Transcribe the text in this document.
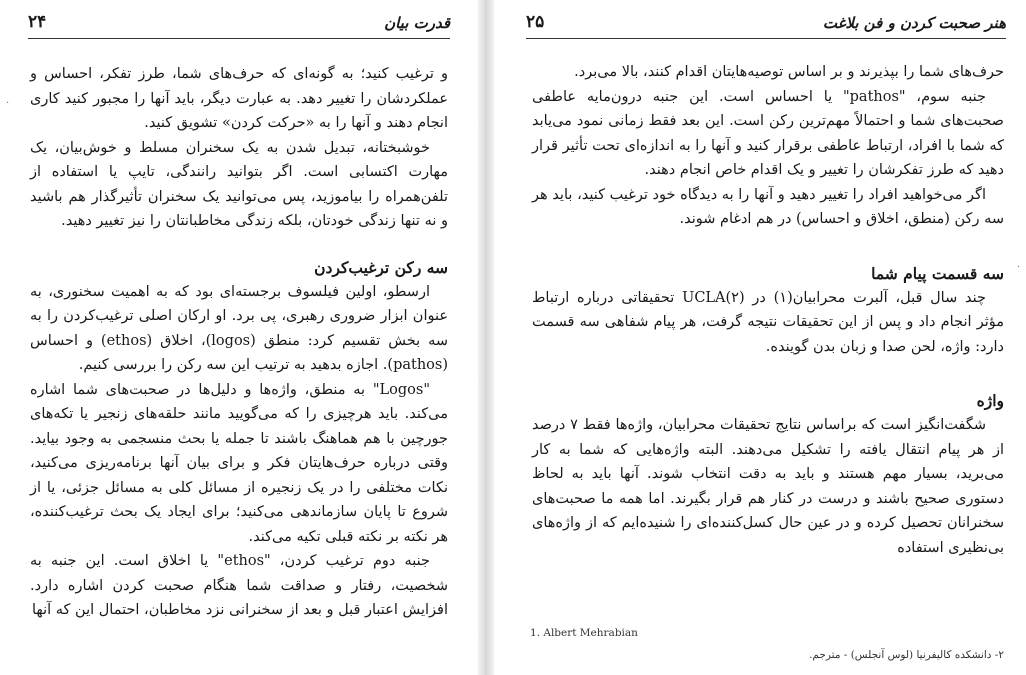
قدرت بیان
۲۴

و ترغیب کنید؛ به گونه‌ای که حرف‌های شما، طرز تفکر، احساس و عملکردشان را تغییر دهد. به عبارت دیگر، باید آنها را مجبور کنید کاری انجام دهند و آنها را به «حرکت کردن» تشویق کنید.

خوشبختانه، تبدیل شدن به یک سخنران مسلط و خوش‌بیان، یک مهارت اکتسابی است. اگر بتوانید رانندگی، تایپ یا استفاده از تلفن‌همراه را بیاموزید، پس می‌توانید یک سخنران تأثیرگذار هم باشید و نه تنها زندگی خودتان، بلکه زندگی مخاطبانتان را نیز تغییر دهید.

سه رکن ترغیب‌کردن

ارسطو، اولین فیلسوف برجسته‌ای بود که به اهمیت سخنوری، به عنوان ابزار ضروری رهبری، پی برد. او ارکان اصلی ترغیب‌کردن را به سه بخش تقسیم کرد: منطق (logos)، اخلاق (ethos) و احساس (pathos). اجازه بدهید به ترتیب این سه رکن را بررسی کنیم.

"Logos" به منطق، واژه‌ها و دلیل‌ها در صحبت‌های شما اشاره می‌کند. باید هرچیزی را که می‌گویید مانند حلقه‌های زنجیر یا تکه‌های جورچین با هم هماهنگ باشند تا جمله یا بحث منسجمی به وجود بیاید. وقتی درباره حرف‌هایتان فکر و برای بیان آنها برنامه‌ریزی می‌کنید، نکات مختلفی را در یک زنجیره از مسائل کلی به مسائل جزئی، یا از شروع تا پایان سازماندهی می‌کنید؛ برای ایجاد یک بحث ترغیب‌کننده، هر نکته بر نکته قبلی تکیه می‌کند.

جنبه دوم ترغیب کردن، "ethos" یا اخلاق است. این جنبه به شخصیت، رفتار و صداقت شما هنگام صحبت کردن اشاره دارد. افزایش اعتبار قبل و بعد از سخنرانی نزد مخاطبان، احتمال این که آنها

·
هنر صحبت کردن و فن بلاغت
۲۵

حرف‌های شما را بپذیرند و بر اساس توصیه‌هایتان اقدام کنند، بالا می‌برد.

جنبه سوم، "pathos" یا احساس است. این جنبه درون‌مایه عاطفی صحبت‌های شما و احتمالاً مهم‌ترین رکن است. این بعد فقط زمانی نمود می‌یابد که شما با افراد، ارتباط عاطفی برقرار کنید و آنها را به اندازه‌ای تحت تأثیر قرار دهید که طرز تفکرشان را تغییر و یک اقدام خاص انجام دهند.

اگر می‌خواهید افراد را تغییر دهید و آنها را به دیدگاه خود ترغیب کنید، باید هر سه رکن (منطق، اخلاق و احساس) در هم ادغام شوند.

سه قسمت پیام شما

چند سال قبل، آلبرت محرابیان(۱) در UCLA(۲) تحقیقاتی درباره ارتباط مؤثر انجام داد و پس از این تحقیقات نتیجه گرفت، هر پیام شفاهی سه قسمت دارد: واژه، لحن صدا و زبان بدن گوینده.

واژه

شگفت‌انگیز است که براساس نتایج تحقیقات محرابیان، واژه‌ها فقط ۷ درصد از هر پیام انتقال یافته را تشکیل می‌دهند. البته واژه‌هایی که شما به کار می‌برید، بسیار مهم هستند و باید به دقت انتخاب شوند. آنها باید به لحاظ دستوری صحیح باشند و درست در کنار هم قرار بگیرند. اما همه ما صحبت‌های سخنرانان تحصیل کرده و در عین حال کسل‌کننده‌ای را شنیده‌ایم که از واژه‌های بی‌نظیری استفاده

1. Albert Mehrabian
۲- دانشکده کالیفرنیا (لوس آنجلس) - مترجم.
·
